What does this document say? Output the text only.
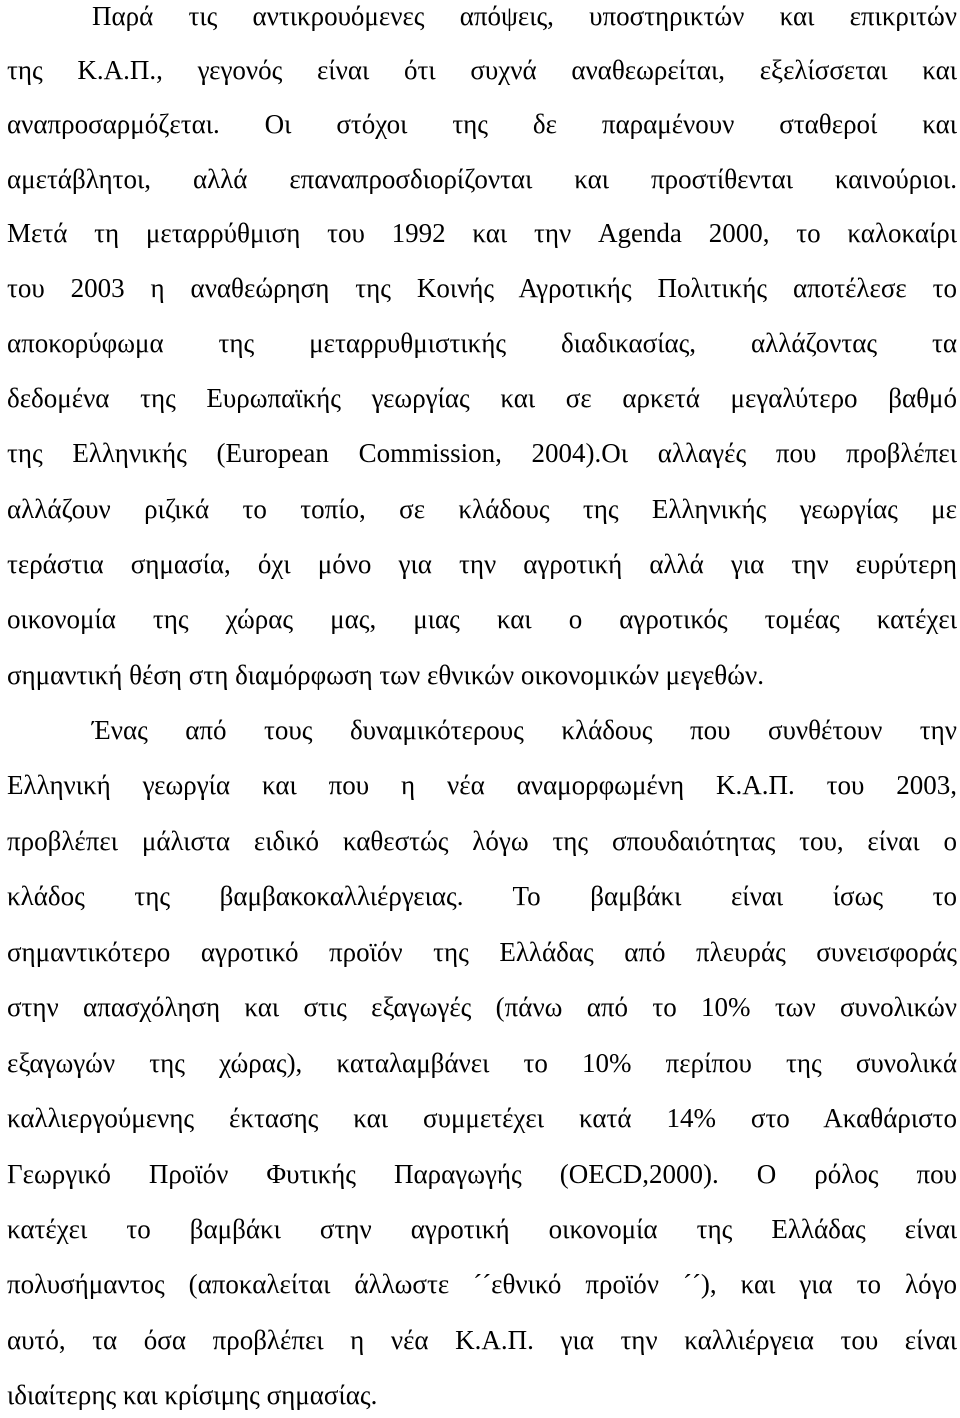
Παρά τις αντικρουόμενες απόψεις, υποστηρικτών και επικριτών
της Κ.Α.Π., γεγονός είναι ότι συχνά αναθεωρείται, εξελίσσεται και
αναπροσαρμόζεται. Οι στόχοι της δε παραμένουν σταθεροί και
αμετάβλητοι, αλλά επαναπροσδιορίζονται και προστίθενται καινούριοι.
Μετά τη μεταρρύθμιση του 1992 και την Agenda 2000, το καλοκαίρι
του 2003 η αναθεώρηση της Κοινής Αγροτικής Πολιτικής αποτέλεσε το
αποκορύφωμα της μεταρρυθμιστικής διαδικασίας, αλλάζοντας τα
δεδομένα της Ευρωπαϊκής γεωργίας και σε αρκετά μεγαλύτερο βαθμό
της Ελληνικής (European Commission, 2004).Οι αλλαγές που προβλέπει
αλλάζουν ριζικά το τοπίο, σε κλάδους της Ελληνικής γεωργίας με
τεράστια σημασία, όχι μόνο για την αγροτική αλλά για την ευρύτερη
οικονομία της χώρας μας, μιας και ο αγροτικός τομέας κατέχει
σημαντική θέση στη διαμόρφωση των εθνικών οικονομικών μεγεθών.
Ένας από τους δυναμικότερους κλάδους που συνθέτουν την
Ελληνική γεωργία και που η νέα αναμορφωμένη Κ.Α.Π. του 2003,
προβλέπει μάλιστα ειδικό καθεστώς λόγω της σπουδαιότητας του, είναι ο
κλάδος της βαμβακοκαλλιέργειας. Το βαμβάκι είναι ίσως το
σημαντικότερο αγροτικό προϊόν της Ελλάδας από πλευράς συνεισφοράς
στην απασχόληση και στις εξαγωγές (πάνω από το 10% των συνολικών
εξαγωγών της χώρας), καταλαμβάνει το 10% περίπου της συνολικά
καλλιεργούμενης έκτασης και συμμετέχει κατά 14% στο Ακαθάριστο
Γεωργικό Προϊόν Φυτικής Παραγωγής (OECD,2000). Ο ρόλος που
κατέχει το βαμβάκι στην αγροτική οικονομία της Ελλάδας είναι
πολυσήμαντος (αποκαλείται άλλωστε ´´εθνικό προϊόν ´´), και για το λόγο
αυτό, τα όσα προβλέπει η νέα Κ.Α.Π. για την καλλιέργεια του είναι
ιδιαίτερης και κρίσιμης σημασίας.
